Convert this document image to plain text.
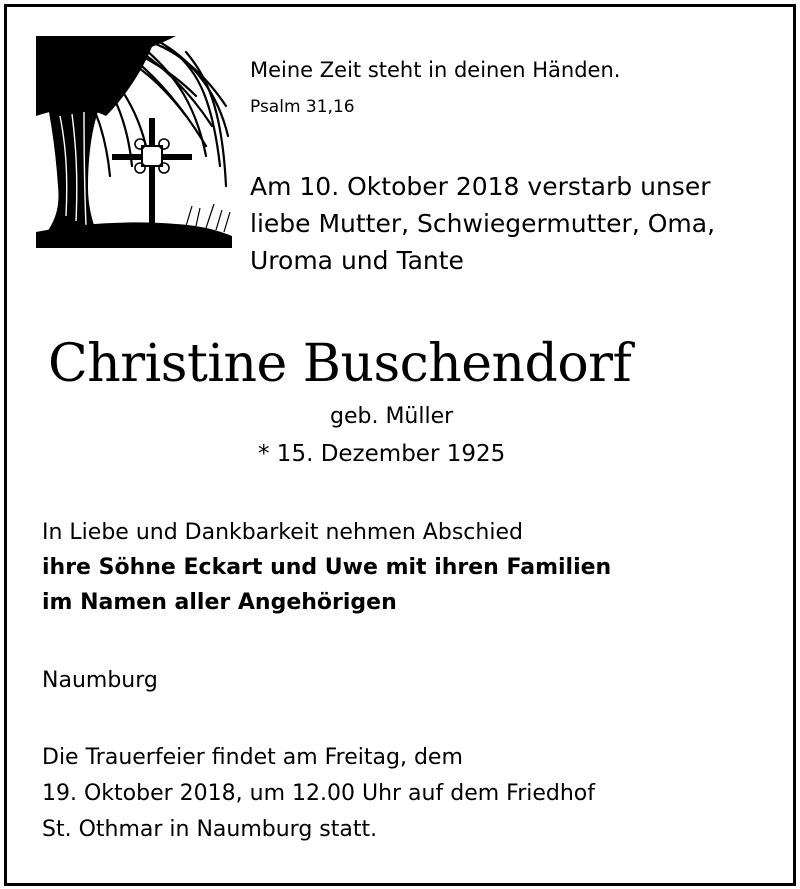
Meine Zeit steht in deinen Händen.
Psalm 31,16
Am 10. Oktober 2018 verstarb unser
liebe Mutter, Schwiegermutter, Oma,
Uroma und Tante
Christine Buschendorf
geb. Müller
* 15. Dezember 1925
In Liebe und Dankbarkeit nehmen Abschied
ihre Söhne Eckart und Uwe mit ihren Familien
im Namen aller Angehörigen
Naumburg
Die Trauerfeier findet am Freitag, dem
19. Oktober 2018, um 12.00 Uhr auf dem Friedhof
St. Othmar in Naumburg statt.
